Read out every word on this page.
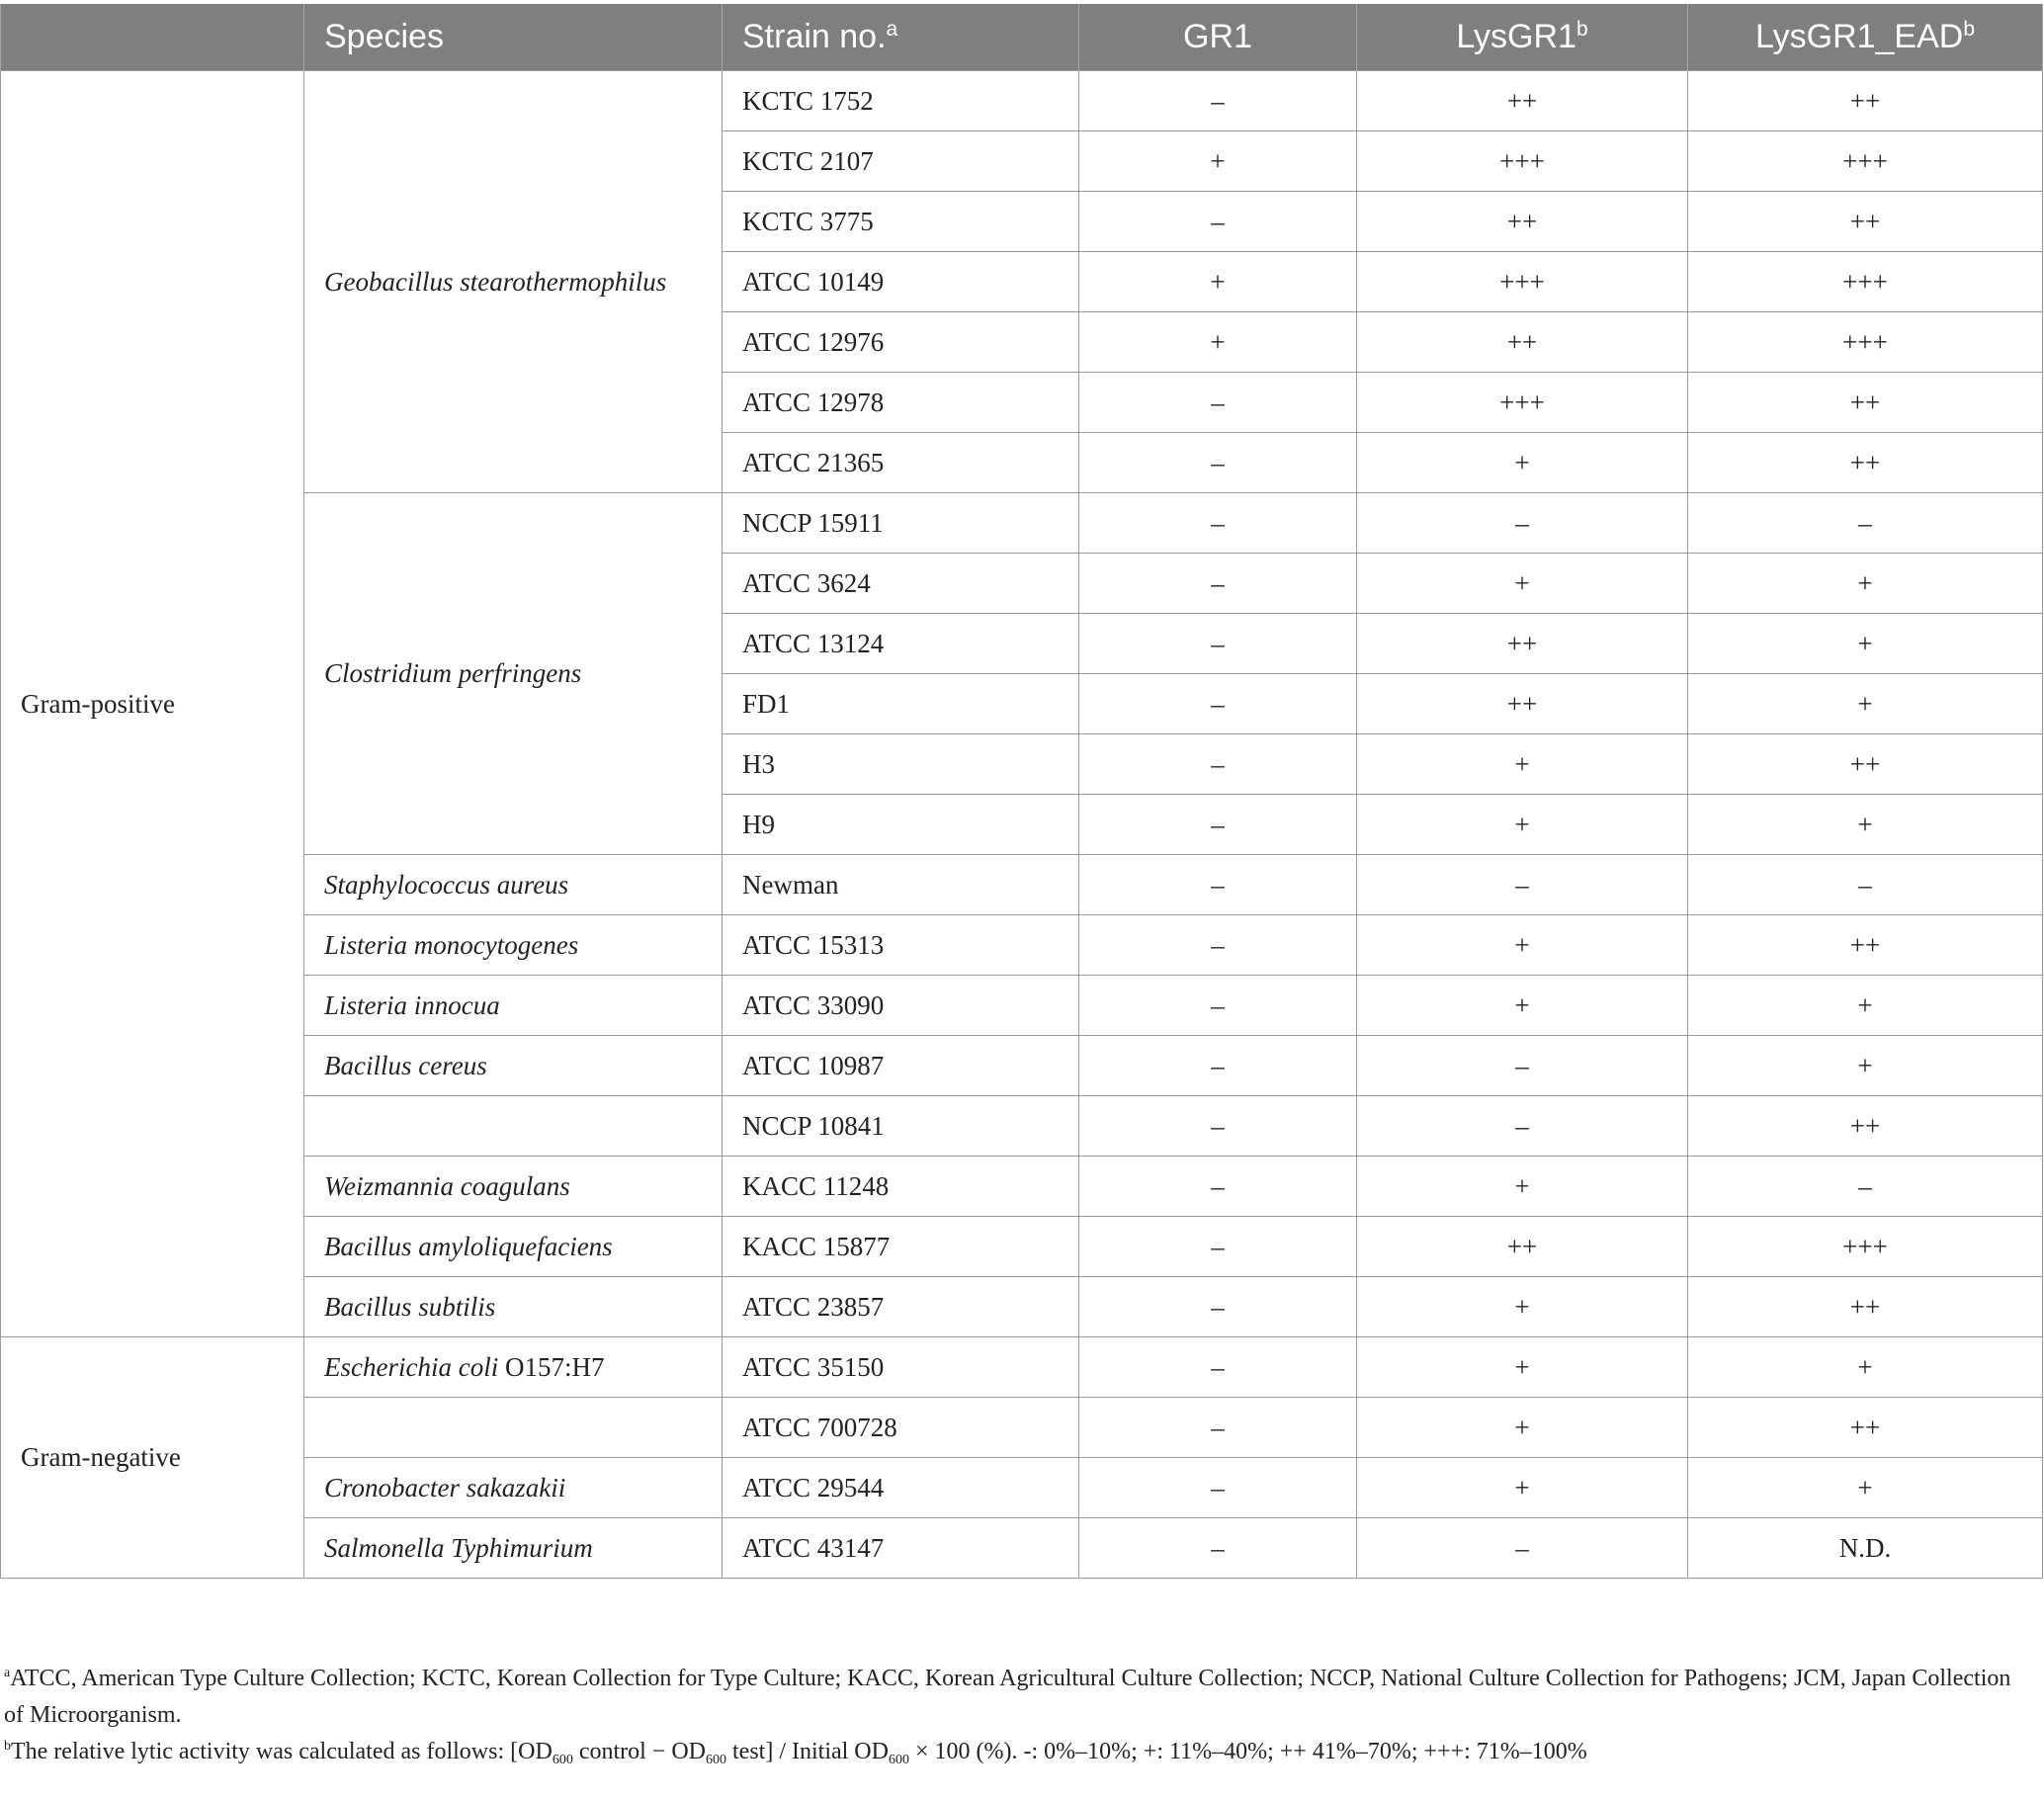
	Species	Strain no.$^a$	GR1	LysGR1$^b$	LysGR1_EAD$^b$
Gram-positive	Geobacillus stearothermophilus	KCTC 1752	–	++	++
		KCTC 2107	+	+++	+++
		KCTC 3775	–	++	++
		ATCC 10149	+	+++	+++
		ATCC 12976	+	++	+++
		ATCC 12978	–	+++	++
		ATCC 21365	–	+	++
	Clostridium perfringens	NCCP 15911	–	–	–
		ATCC 3624	–	+	+
		ATCC 13124	–	++	+
		FD1	–	++	+
		H3	–	+	++
		H9	–	+	+
	Staphylococcus aureus	Newman	–	–	–
	Listeria monocytogenes	ATCC 15313	–	+	++
	Listeria innocua	ATCC 33090	–	+	+
	Bacillus cereus	ATCC 10987	–	–	+
		NCCP 10841	–	–	++
	Weizmannia coagulans	KACC 11248	–	+	–
	Bacillus amyloliquefaciens	KACC 15877	–	++	+++
	Bacillus subtilis	ATCC 23857	–	+	++
Gram-negative	Escherichia coli O157:H7	ATCC 35150	–	+	+
		ATCC 700728	–	+	++
	Cronobacter sakazakii	ATCC 29544	–	+	+
	Salmonella Typhimurium	ATCC 43147	–	–	N.D.

$^a$ATCC, American Type Culture Collection; KCTC, Korean Collection for Type Culture; KACC, Korean Agricultural Culture Collection; NCCP, National Culture Collection for Pathogens; JCM, Japan Collection of Microorganism.

$^b$The relative lytic activity was calculated as follows: [$OD_{600}$ control − $OD_{600}$ test] / Initial $OD_{600} \times 100$ (%). -: 0%–10%; +: 11%–40%; ++ 41%–70%; +++: 71%–100%
